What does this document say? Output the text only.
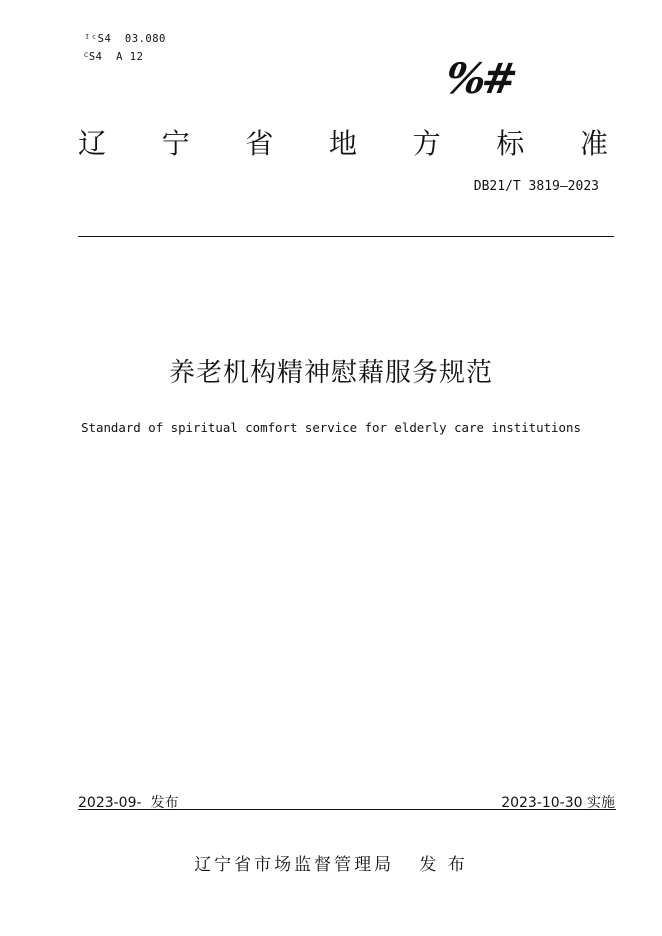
ᴵᶜS4  03.080
ꟲS4  A 12	%#
辽 宁 省 地 方 标 准
DB21/T 3819—2023
养老机构精神慰藉服务规范
Standard of spiritual comfort service for elderly care institutions
2023-09-  发布	2023-10-30 实施
辽宁省市场监督管理局   发 布
